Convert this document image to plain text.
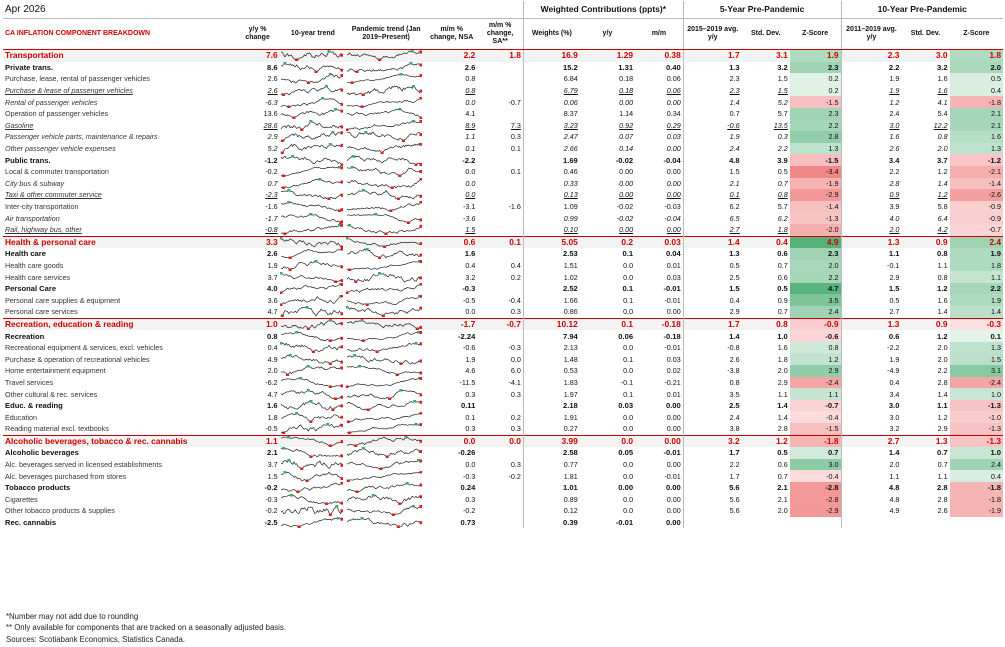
Apr 2026						Weighted Contributions (ppts)*			5-Year Pre-Pandemic			10-Year Pre-Pandemic		
CA INFLATION COMPONENT BREAKDOWN	y/y % change	10-year trend	Pandemic trend (Jan 2019–Present)	m/m % change, NSA	m/m % change, SA**	Weights (%)	y/y	m/m	2015–2019 avg. y/y	Std. Dev.	Z-Score	2011–2019 avg. y/y	Std. Dev.	Z-Score
Transportation	7.6			2.2	1.8	16.9	1.29	0.38	1.7	3.1	1.9	2.3	3.0	1.8
Private trans.	8.6			2.6		15.2	1.31	0.40	1.3	3.2	2.3	2.2	3.2	2.0
Purchase, lease, rental of passenger vehicles	2.6			0.8		6.84	0.18	0.06	2.3	1.5	0.2	1.9	1.6	0.5
Purchase & lease of passenger vehicles	2.6			0.8		6.79	0.18	0.06	2.3	1.5	0.2	1.9	1.6	0.4
Rental of passenger vehicles	-6.3			0.0	-0.7	0.06	0.00	0.00	1.4	5.2	-1.5	1.2	4.1	-1.8
Operation of passenger vehicles	13.6			4.1		8.37	1.14	0.34	0.7	5.7	2.3	2.4	5.4	2.1
Gasoline	28.6			8.9	7.3	3.23	0.92	0.29	-0.6	13.5	2.2	3.0	12.2	2.1
Passenger vehicle parts, maintenance & repairs	2.9			1.1	0.3	2.47	0.07	0.03	1.9	0.3	2.8	1.6	0.8	1.6
Other passenger vehicle expenses	5.2			0.1	0.1	2.66	0.14	0.00	2.4	2.2	1.3	2.6	2.0	1.3
Public trans.	-1.2			-2.2		1.69	-0.02	-0.04	4.8	3.9	-1.5	3.4	3.7	-1.2
Local & commuter transportation	-0.2			0.0	0.1	0.46	0.00	0.00	1.5	0.5	-3.4	2.2	1.2	-2.1
City bus & subway	0.7			0.0		0.33	0.00	0.00	2.1	0.7	-1.9	2.8	1.4	-1.4
Taxi & other commuter service	-2.3			0.0		0.13	0.00	0.00	0.1	0.8	-2.9	0.9	1.2	-2.6
Inter-city transportation	-1.6			-3.1	-1.6	1.09	-0.02	-0.03	6.2	5.7	-1.4	3.9	5.8	-0.9
Air transportation	-1.7			-3.6		0.99	-0.02	-0.04	6.5	6.2	-1.3	4.0	6.4	-0.9
Rail, highway bus, other	-0.8			1.5		0.10	0.00	0.00	2.7	1.8	-2.0	2.0	4.2	-0.7
Health & personal care	3.3			0.6	0.1	5.05	0.2	0.03	1.4	0.4	4.9	1.3	0.9	2.4
Health care	2.6			1.6		2.53	0.1	0.04	1.3	0.6	2.3	1.1	0.8	1.9
Health care goods	1.9			0.4	0.4	1.51	0.0	0.01	0.5	0.7	2.0	-0.1	1.1	1.8
Health care services	3.7			3.2	0.2	1.02	0.0	0.03	2.5	0.6	2.2	2.9	0.8	1.1
Personal Care	4.0			-0.3		2.52	0.1	-0.01	1.5	0.5	4.7	1.5	1.2	2.2
Personal care supplies & equipment	3.6			-0.5	-0.4	1.66	0.1	-0.01	0.4	0.9	3.5	0.5	1.6	1.9
Personal care services	4.7			0.0	0.3	0.86	0.0	0.00	2.9	0.7	2.4	2.7	1.4	1.4
Recreation, education & reading	1.0			-1.7	-0.7	10.12	0.1	-0.18	1.7	0.8	-0.9	1.3	0.9	-0.3
Recreation	0.8			-2.24		7.94	0.06	-0.18	1.4	1.0	-0.6	0.6	1.2	0.1
Recreational equipment & services, excl. vehicles	0.4			-0.6	-0.3	2.13	0.0	-0.01	-0.8	1.6	0.8	-2.2	2.0	1.3
Purchase & operation of recreational vehicles	4.9			1.9	0.0	1.48	0.1	0.03	2.6	1.8	1.2	1.9	2.0	1.5
Home entertainment equipment	2.0			4.6	6.0	0.53	0.0	0.02	-3.8	2.0	2.9	-4.9	2.2	3.1
Travel services	-6.2			-11.5	-4.1	1.83	-0.1	-0.21	0.8	2.9	-2.4	0.4	2.8	-2.4
Other cultural & rec. services	4.7			0.3	0.3	1.97	0.1	0.01	3.5	1.1	1.1	3.4	1.4	1.0
Educ. & reading	1.6			0.11		2.18	0.03	0.00	2.5	1.4	-0.7	3.0	1.1	-1.3
Education	1.8			0.1	0.2	1.91	0.0	0.00	2.4	1.4	-0.4	3.0	1.2	-1.0
Reading material excl. textbooks	-0.5			0.3	0.3	0.27	0.0	0.00	3.8	2.8	-1.5	3.2	2.9	-1.3
Alcoholic beverages, tobacco & rec. cannabis	1.1			0.0	0.0	3.99	0.0	0.00	3.2	1.2	-1.8	2.7	1.3	-1.3
Alcoholic beverages	2.1			-0.26		2.58	0.05	-0.01	1.7	0.5	0.7	1.4	0.7	1.0
Alc. beverages served in licensed establishments	3.7			0.0	0.3	0.77	0.0	0.00	2.2	0.6	3.0	2.0	0.7	2.4
Alc. beverages purchased from stores	1.5			-0.3	-0.2	1.81	0.0	-0.01	1.7	0.7	-0.4	1.1	1.1	0.4
Tobacco products	-0.2			0.24		1.01	0.00	0.00	5.6	2.1	-2.8	4.8	2.8	-1.8
Cigarettes	-0.3			0.3		0.89	0.0	0.00	5.6	2.1	-2.8	4.8	2.8	-1.8
Other tobacco products & supplies	-0.2			-0.2		0.12	0.0	0.00	5.6	2.0	-2.9	4.9	2.6	-1.9
Rec. cannabis	-2.5			0.73		0.39	-0.01	0.00						
*Number may not add due to rounding
** Only available for components that are tracked on a seasonally adjusted basis.
Sources: Scotiabank Economics, Statistics Canada.
